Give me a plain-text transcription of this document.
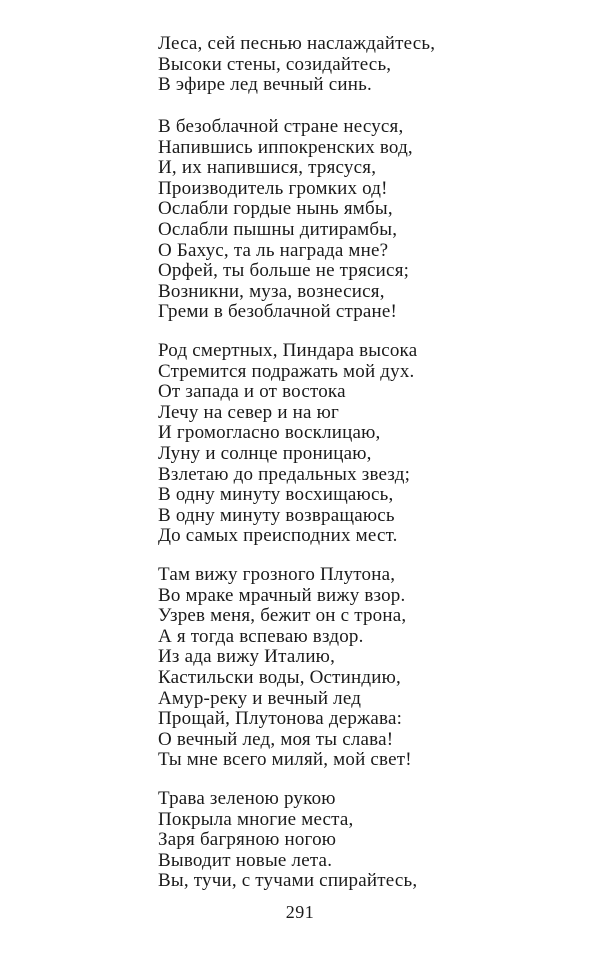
Леса, сей песнью наслаждайтесь,
Высоки стены, созидайтесь,
В эфире лед вечный синь.
В безоблачной стране несуся,
Напившись иппокренских вод,
И, их напившися, трясуся,
Производитель громких од!
Ослабли гордые нынь ямбы,
Ослабли пышны дитирамбы,
О Бахус, та ль награда мне?
Орфей, ты больше не трясися;
Возникни, муза, вознесися,
Греми в безоблачной стране!
Род смертных, Пиндара высока
Стремится подражать мой дух.
От запада и от востока
Лечу на север и на юг
И громогласно восклицаю,
Луну и солнце проницаю,
Взлетаю до предальных звезд;
В одну минуту восхищаюсь,
В одну минуту возвращаюсь
До самых преисподних мест.
Там вижу грозного Плутона,
Во мраке мрачный вижу взор.
Узрев меня, бежит он с трона,
А я тогда вспеваю вздор.
Из ада вижу Италию,
Кастильски воды, Остиндию,
Амур-реку и вечный лед
Прощай, Плутонова держава:
О вечный лед, моя ты слава!
Ты мне всего миляй, мой свет!
Трава зеленою рукою
Покрыла многие места,
Заря багряною ногою
Выводит новые лета.
Вы, тучи, с тучами спирайтесь,
291
